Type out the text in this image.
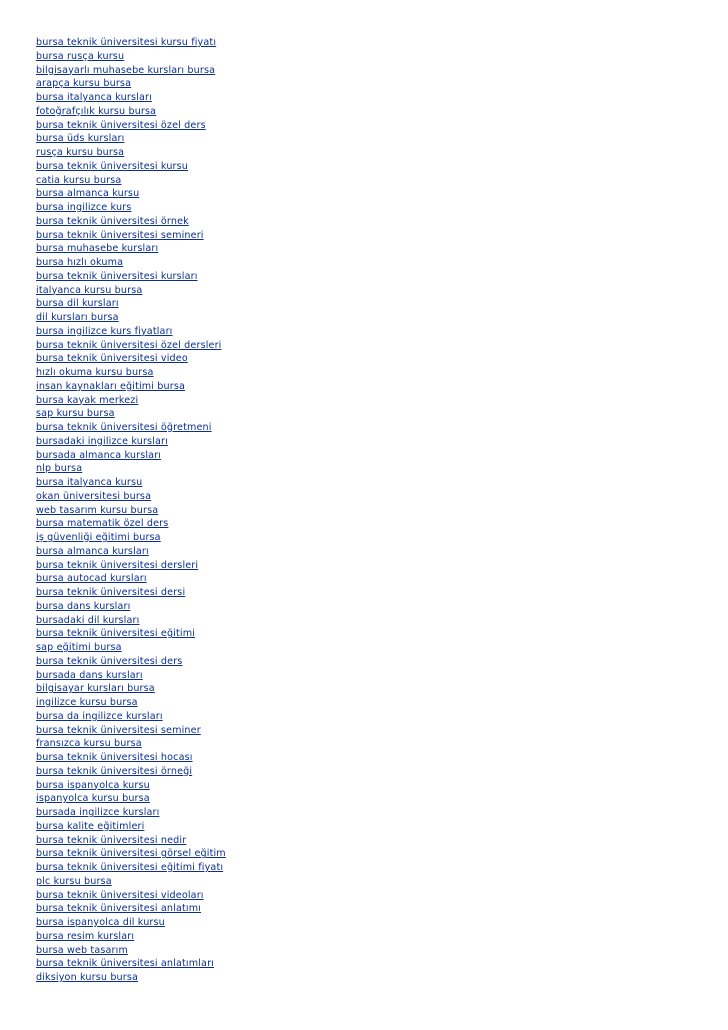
bursa teknik üniversitesi kursu fiyatı
bursa rusça kursu
bilgisayarlı muhasebe kursları bursa
arapça kursu bursa
bursa italyanca kursları
fotoğrafçılık kursu bursa
bursa teknik üniversitesi özel ders
bursa üds kursları
rusça kursu bursa
bursa teknik üniversitesi kursu
catia kursu bursa
bursa almanca kursu
bursa ingilizce kurs
bursa teknik üniversitesi örnek
bursa teknik üniversitesi semineri
bursa muhasebe kursları
bursa hızlı okuma
bursa teknik üniversitesi kursları
italyanca kursu bursa
bursa dil kursları
dil kursları bursa
bursa ingilizce kurs fiyatları
bursa teknik üniversitesi özel dersleri
bursa teknik üniversitesi video
hızlı okuma kursu bursa
insan kaynakları eğitimi bursa
bursa kayak merkezi
sap kursu bursa
bursa teknik üniversitesi öğretmeni
bursadaki ingilizce kursları
bursada almanca kursları
nlp bursa
bursa italyanca kursu
okan üniversitesi bursa
web tasarım kursu bursa
bursa matematik özel ders
iş güvenliği eğitimi bursa
bursa almanca kursları
bursa teknik üniversitesi dersleri
bursa autocad kursları
bursa teknik üniversitesi dersi
bursa dans kursları
bursadaki dil kursları
bursa teknik üniversitesi eğitimi
sap eğitimi bursa
bursa teknik üniversitesi ders
bursada dans kursları
bilgisayar kursları bursa
ingilizce kursu bursa
bursa da ingilizce kursları
bursa teknik üniversitesi seminer
fransızca kursu bursa
bursa teknik üniversitesi hocası
bursa teknik üniversitesi örneği
bursa ispanyolca kursu
ispanyolca kursu bursa
bursada ingilizce kursları
bursa kalite eğitimleri
bursa teknik üniversitesi nedir
bursa teknik üniversitesi görsel eğitim
bursa teknik üniversitesi eğitimi fiyatı
plc kursu bursa
bursa teknik üniversitesi videoları
bursa teknik üniversitesi anlatımı
bursa ispanyolca dil kursu
bursa resim kursları
bursa web tasarım
bursa teknik üniversitesi anlatımları
diksiyon kursu bursa
